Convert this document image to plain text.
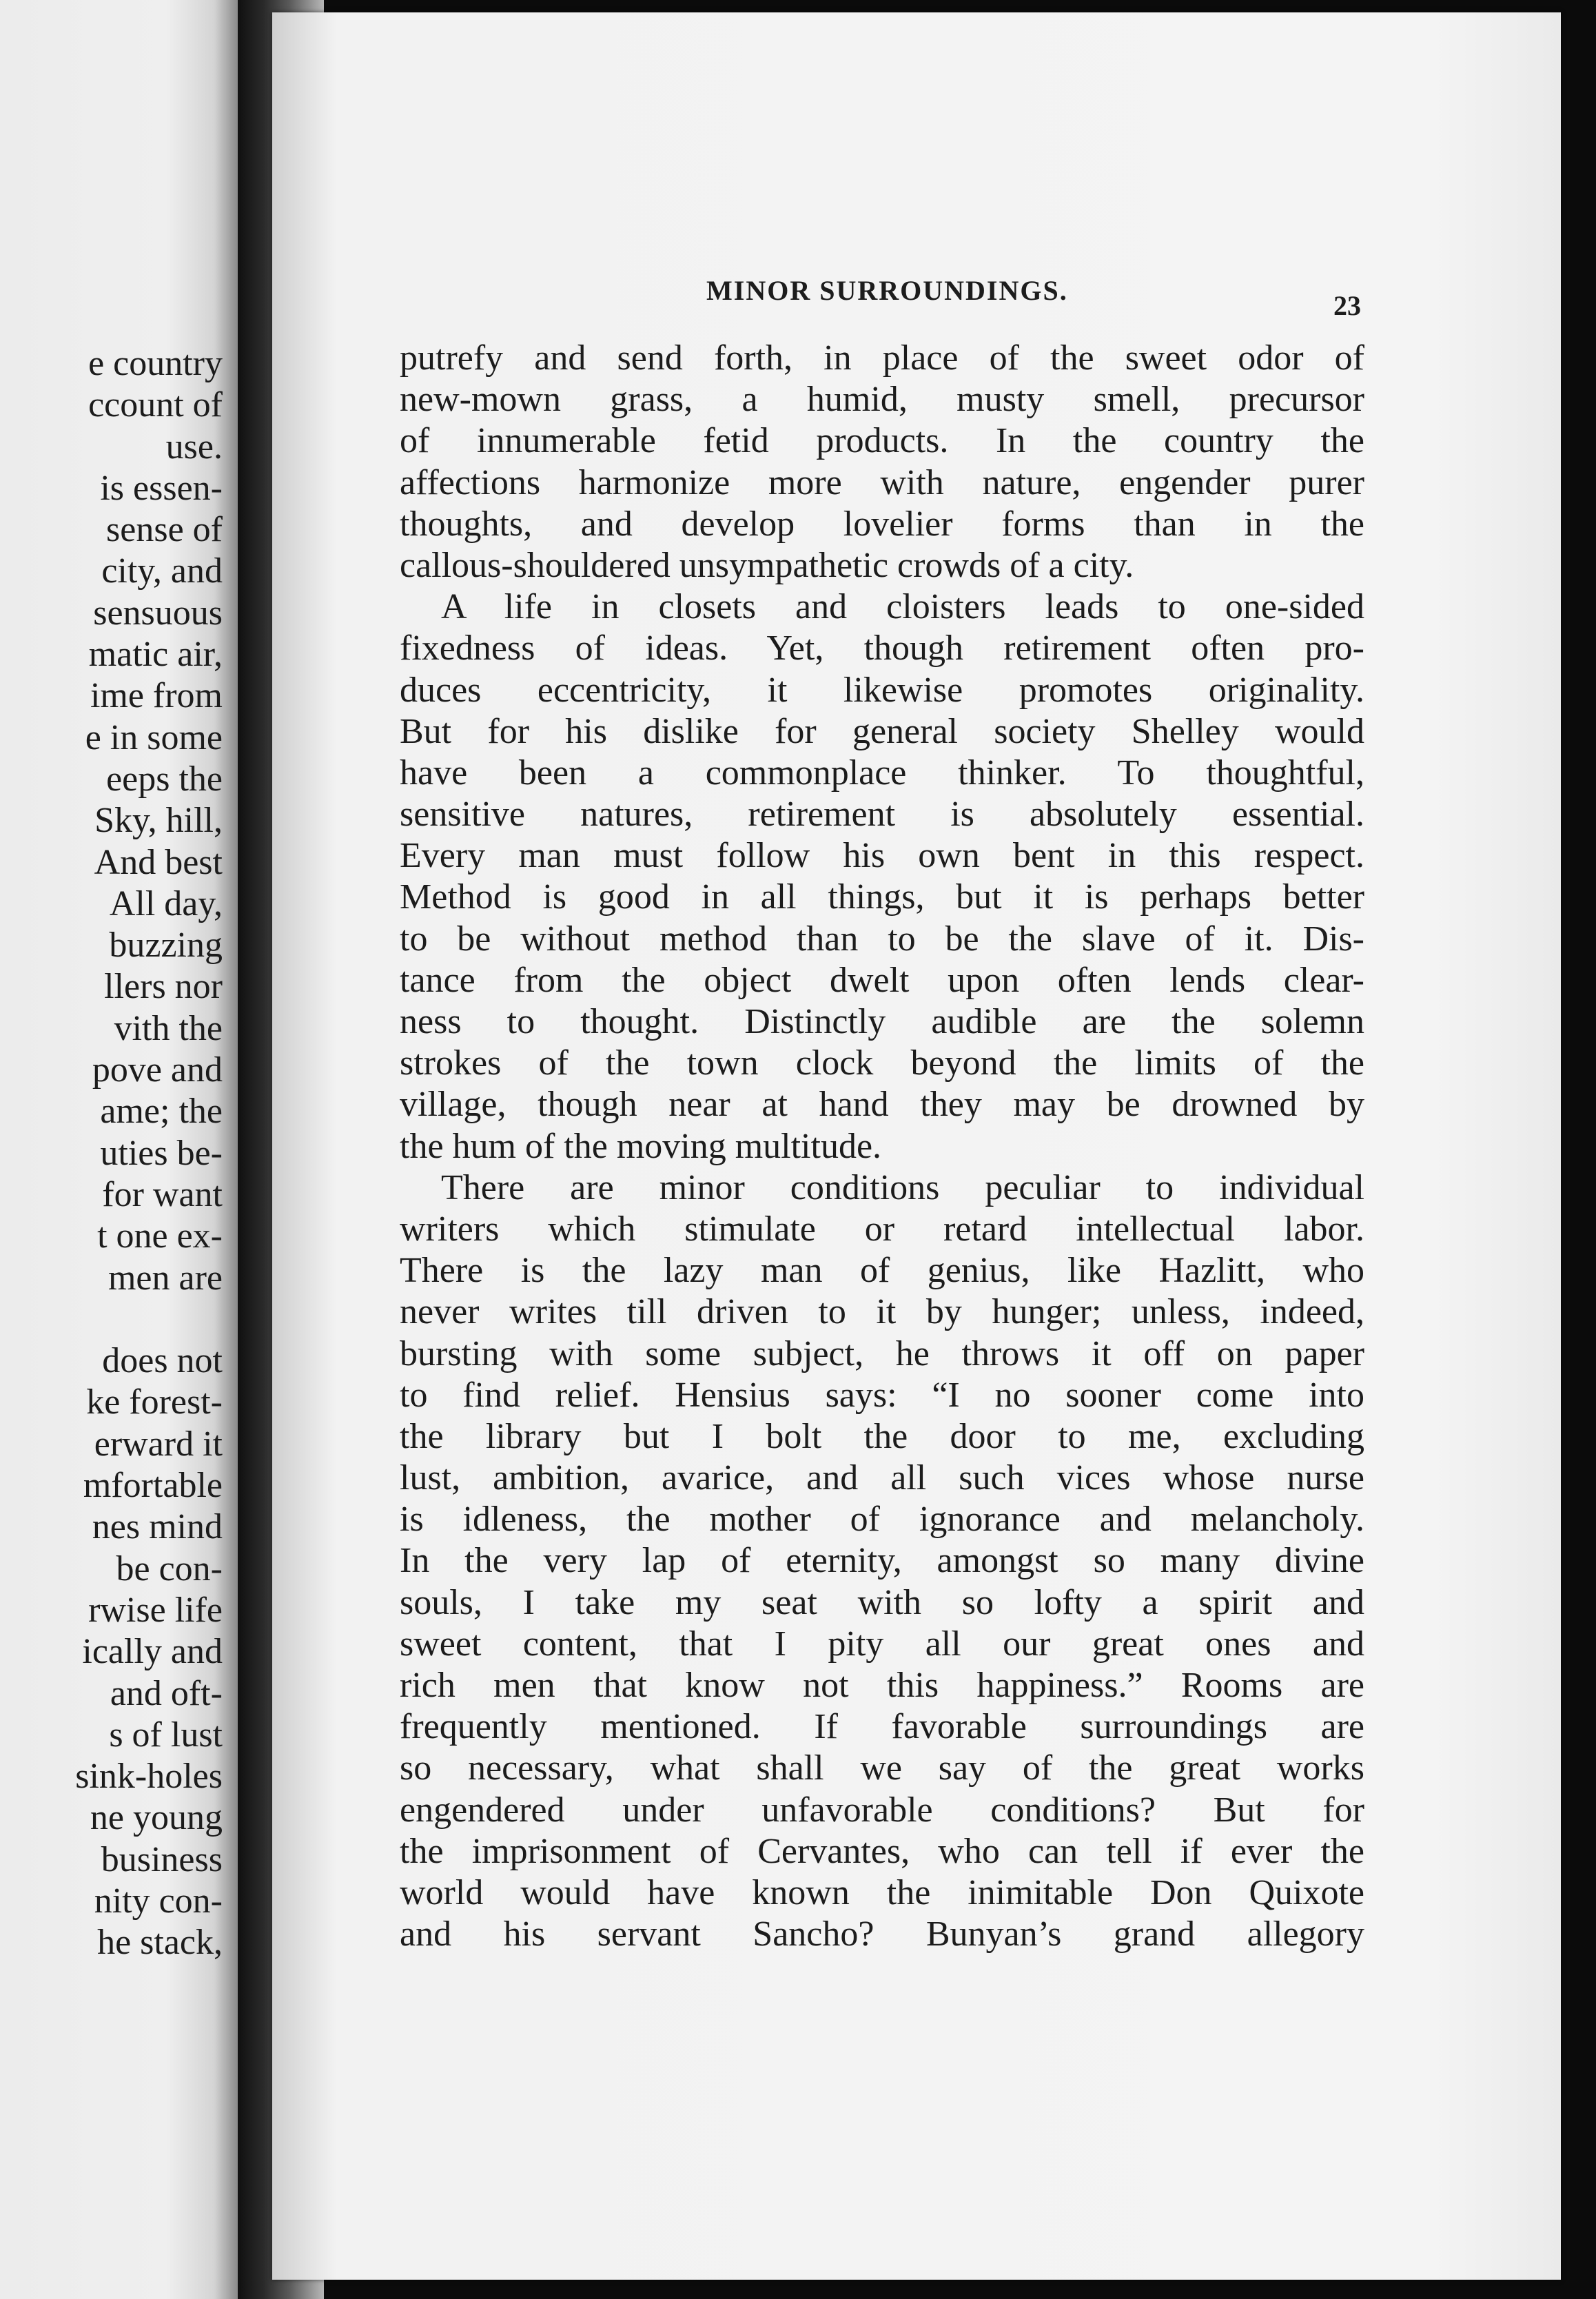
e country
ccount of
use.
is essen-
sense of
city, and
sensuous
matic air,
ime from
e in some
eeps the
Sky, hill,
And best
All day,
buzzing
llers nor
vith the
pove and
ame; the
uties be-
for want
t one ex-
men are
does not
ke forest-
erward it
mfortable
nes mind
be con-
rwise life
ically and
and oft-
s of lust
sink-holes
ne young
business
nity con-
he stack,
MINOR SURROUNDINGS.	23
putrefy and send forth, in place of the sweet odor of
new-mown grass, a humid, musty smell, precursor
of innumerable fetid products. In the country the
affections harmonize more with nature, engender purer
thoughts, and develop lovelier forms than in the
callous-shouldered unsympathetic crowds of a city.
A life in closets and cloisters leads to one-sided
fixedness of ideas. Yet, though retirement often pro-
duces eccentricity, it likewise promotes originality.
But for his dislike for general society Shelley would
have been a commonplace thinker. To thoughtful,
sensitive natures, retirement is absolutely essential.
Every man must follow his own bent in this respect.
Method is good in all things, but it is perhaps better
to be without method than to be the slave of it. Dis-
tance from the object dwelt upon often lends clear-
ness to thought. Distinctly audible are the solemn
strokes of the town clock beyond the limits of the
village, though near at hand they may be drowned by
the hum of the moving multitude.
There are minor conditions peculiar to individual
writers which stimulate or retard intellectual labor.
There is the lazy man of genius, like Hazlitt, who
never writes till driven to it by hunger; unless, indeed,
bursting with some subject, he throws it off on paper
to find relief. Hensius says: “I no sooner come into
the library but I bolt the door to me, excluding
lust, ambition, avarice, and all such vices whose nurse
is idleness, the mother of ignorance and melancholy.
In the very lap of eternity, amongst so many divine
souls, I take my seat with so lofty a spirit and
sweet content, that I pity all our great ones and
rich men that know not this happiness.” Rooms are
frequently mentioned. If favorable surroundings are
so necessary, what shall we say of the great works
engendered under unfavorable conditions? But for
the imprisonment of Cervantes, who can tell if ever the
world would have known the inimitable Don Quixote
and his servant Sancho? Bunyan’s grand allegory
